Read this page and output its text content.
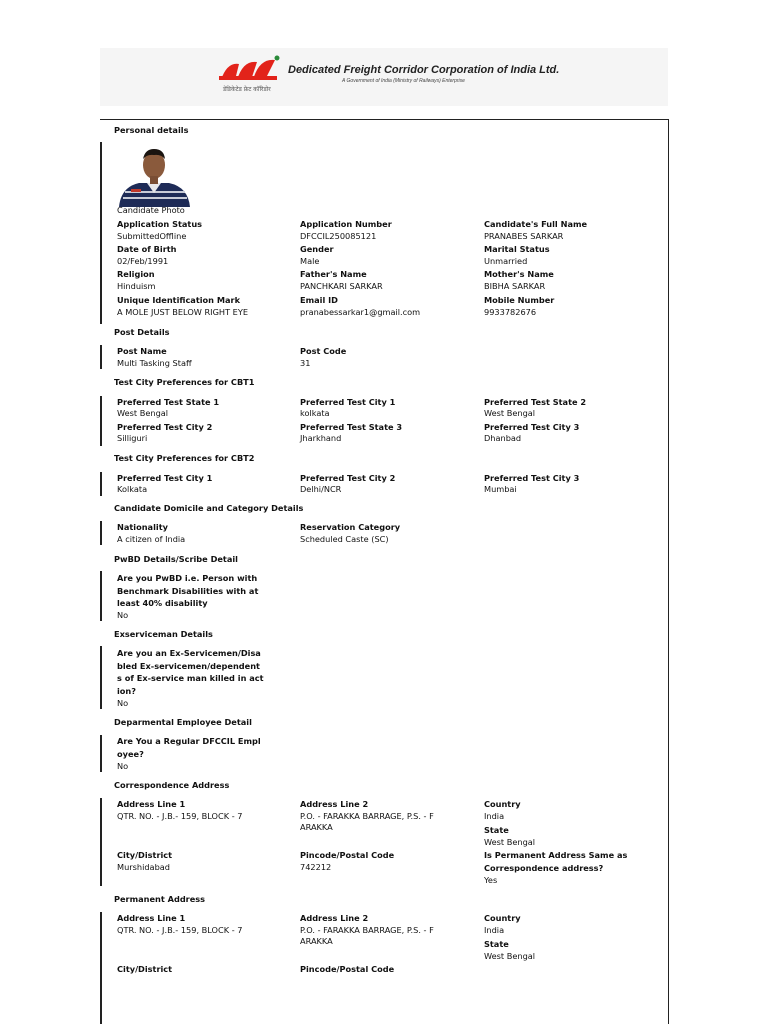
डेडिकेटेड फ्रेट कॉरिडोर
Dedicated Freight Corridor Corporation of India Ltd.
A Government of India (Ministry of Railways) Enterprise
Personal details
Candidate Photo
Application Status
SubmittedOffline
Application Number
DFCCIL250085121
Candidate's Full Name
PRANABES SARKAR
Date of Birth
02/Feb/1991
Gender
Male
Marital Status
Unmarried
Religion
Hinduism
Father's Name
PANCHKARI SARKAR
Mother's Name
BIBHA SARKAR
Unique Identification Mark
A MOLE JUST BELOW RIGHT EYE
Email ID
pranabessarkar1@gmail.com
Mobile Number
9933782676
Post Details
Post Name
Multi Tasking Staff
Post Code
31
Test City Preferences for CBT1
Preferred Test State 1
West Bengal
Preferred Test City 1
kolkata
Preferred Test State 2
West Bengal
Preferred Test City 2
Silliguri
Preferred Test State 3
Jharkhand
Preferred Test City 3
Dhanbad
Test City Preferences for CBT2
Preferred Test City 1
Kolkata
Preferred Test City 2
Delhi/NCR
Preferred Test City 3
Mumbai
Candidate Domicile and Category Details
Nationality
A citizen of India
Reservation Category
Scheduled Caste (SC)
PwBD Details/Scribe Detail
Are you PwBD i.e. Person with
Benchmark Disabilities with at
least 40% disability
No
Exserviceman Details
Are you an Ex-Servicemen/Disa
bled Ex-servicemen/dependent
s of Ex-service man killed in act
ion?
No
Deparmental Employee Detail
Are You a Regular DFCCIL Empl
oyee?
No
Correspondence Address
Address Line 1
QTR. NO. - J.B.- 159, BLOCK - 7
Address Line 2
P.O. - FARAKKA BARRAGE, P.S. - F
ARAKKA
Country
India
State
West Bengal
City/District
Murshidabad
Pincode/Postal Code
742212
Is Permanent Address Same as
Correspondence address?
Yes
Permanent Address
Address Line 1
QTR. NO. - J.B.- 159, BLOCK - 7
Address Line 2
P.O. - FARAKKA BARRAGE, P.S. - F
ARAKKA
Country
India
State
West Bengal
City/District	Pincode/Postal Code
